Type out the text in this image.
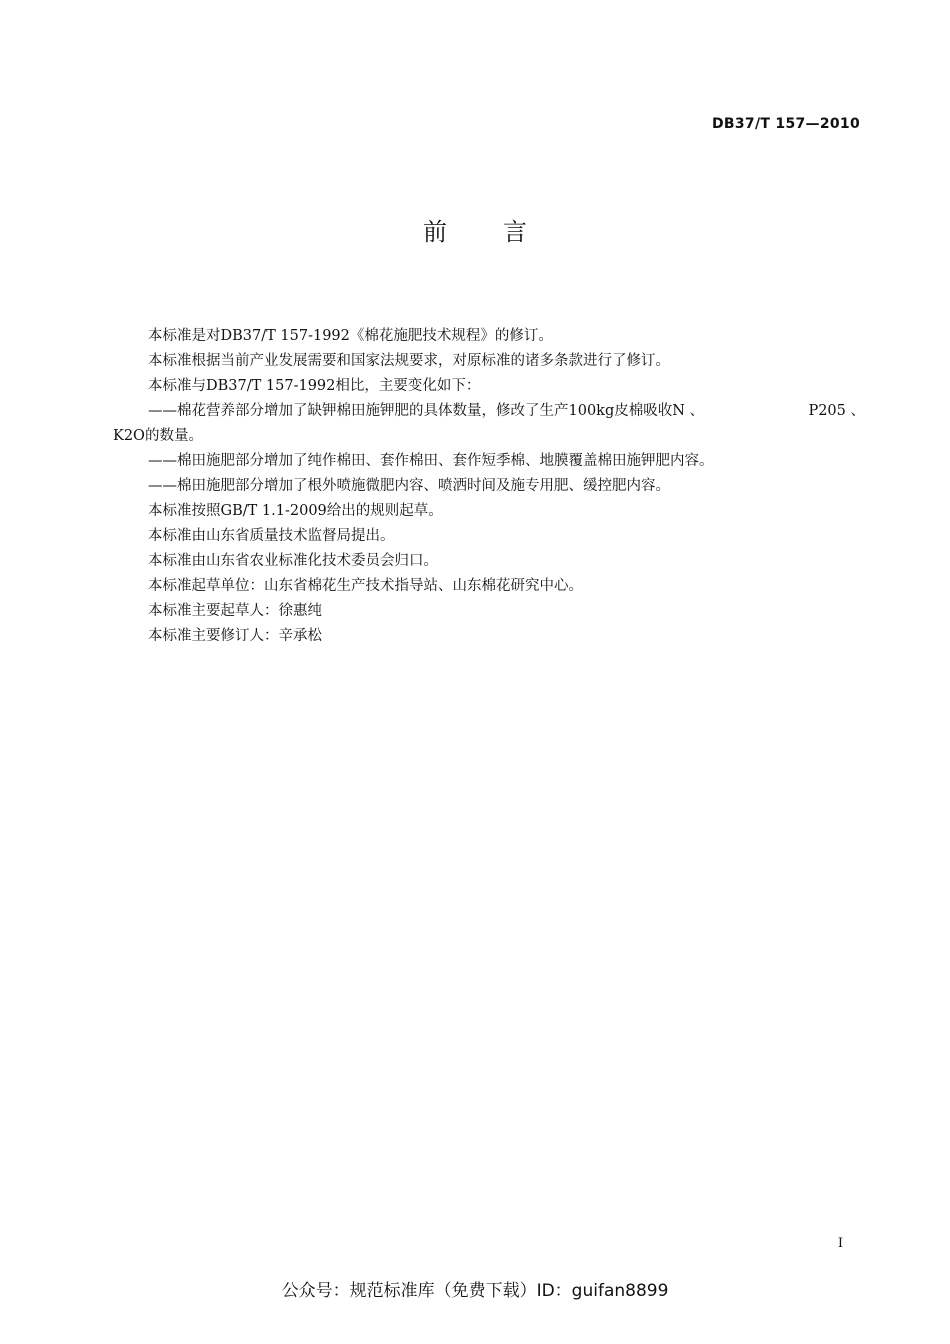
DB37/T 157—2010
前 言

本标准是对DB37/T 157-1992《棉花施肥技术规程》的修订。

本标准根据当前产业发展需要和国家法规要求，对原标准的诸多条款进行了修订。

本标准与DB37/T 157-1992相比，主要变化如下：

——棉花营养部分增加了缺钾棉田施钾肥的具体数量，修改了生产100kg皮棉吸收N 、	P205 、

K2O的数量。

——棉田施肥部分增加了纯作棉田、套作棉田、套作短季棉、地膜覆盖棉田施钾肥内容。

——棉田施肥部分增加了根外喷施微肥内容、喷洒时间及施专用肥、缓控肥内容。

本标准按照GB/T 1.1-2009给出的规则起草。

本标准由山东省质量技术监督局提出。

本标准由山东省农业标准化技术委员会归口。

本标准起草单位：山东省棉花生产技术指导站、山东棉花研究中心。

本标准主要起草人：徐惠纯

本标准主要修订人：辛承松

I
公众号：规范标准库（免费下载）ID：guifan8899
